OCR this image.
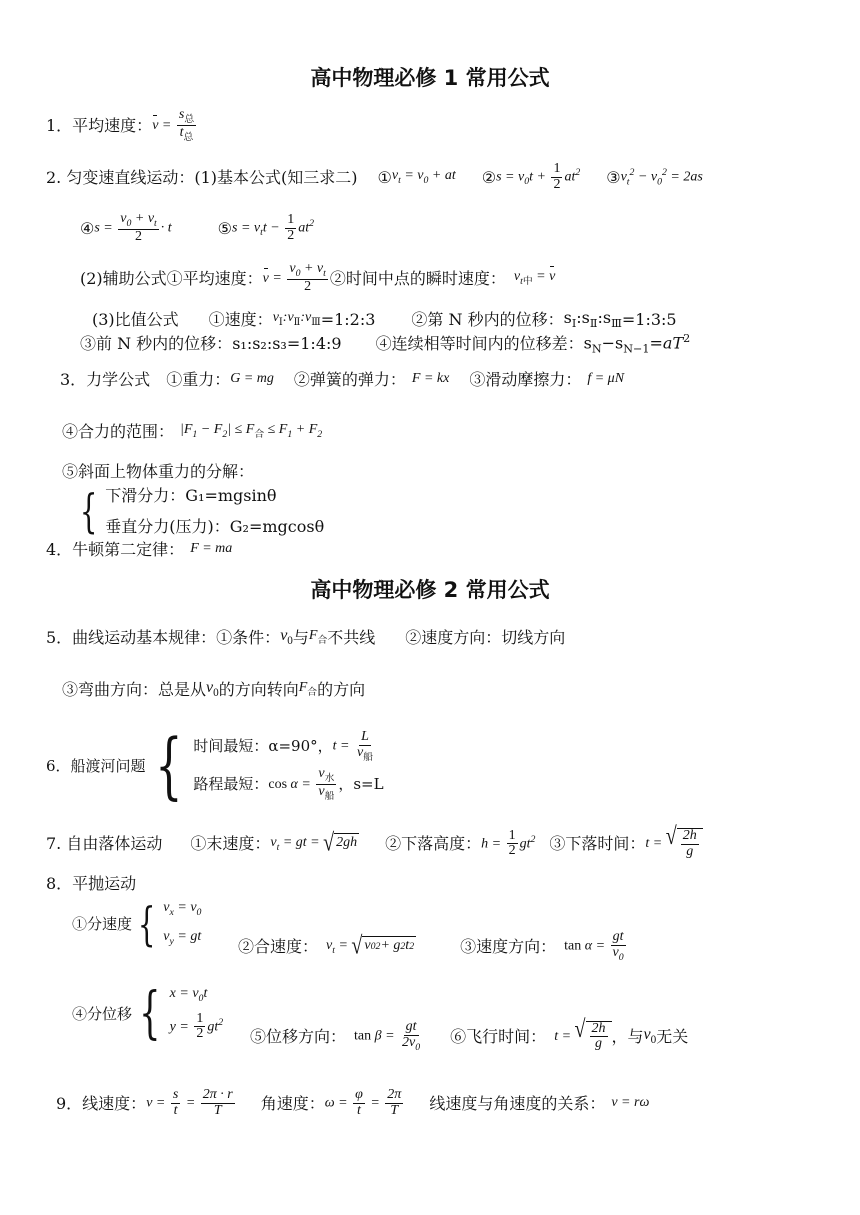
高中物理必修 1 常用公式
1．平均速度： $v = \frac{s_总}{t_总}$
2. 匀变速直线运动：(1)基本公式(知三求二) ① $v_t = v_0$ + at ② $s = v_0t + \frac{1}{2} at^2$ ③ $v_t^2 - v_0^2 = 2as$
④ $s = \frac{v_0 + v_t}{2} \cdot t$	⑤ $s = v_tt - \frac{1}{2} at^2$
(2)辅助公式①平均速度： $v = \frac{v_0 + v_t}{2}$ ②时间中点的瞬时速度： $v_{t中} = v$
(3)比值公式 ①速度： $v_Ⅰ:v_Ⅱ:v_Ⅲ$ =1:2:3 ②第 N 秒内的位移： $s_Ⅰ:s_Ⅱ:s_Ⅲ$ =1:3:5
③前 N 秒内的位移： s₁:s₂:s₃=1:4:9 ④连续相等时间内的位移差： $s_N-s_{N-1}=aT^2$
3．力学公式 ①重力： G = mg ②弹簧的弹力： F = kx ③滑动摩擦力： f = μN
④合力的范围： $|F_1 - F_2| \le F_合 \le F_1 + F_2$
⑤斜面上物体重力的分解：
{ 下滑分力：G₁=mgsinθ
垂直分力(压力)：G₂=mgcosθ
4．牛顿第二定律： F = ma
高中物理必修 2 常用公式
5．曲线运动基本规律：①条件： $v_0$ 与 $F_合$ 不共线 ②速度方向：切线方向
③弯曲方向：总是从 $v_0$ 的方向转向 $F_合$ 的方向
6．船渡河问题 { 时间最短：α=90°， $t = \frac{L}{v_船}$
路程最短： $\cos \alpha = \frac{v_水}{v_船}$ ，s=L
7. 自由落体运动 ①末速度： $v_t$ = gt = √ 2gh ②下落高度： $h = \frac{1}{2} gt^2$ ③下落时间： t = √ $\frac{2h}{g}$
8．平抛运动
①分速度 { $v_x = v_0$
$v_y$ = gt ②合速度： $v_t$ = √ v 0 2 + g 2 t 2	③速度方向： $\tan \alpha = \frac{gt}{v_0}$
④分位移 { $x = v_0t$
$y = \frac{1}{2} gt^2$
⑤位移方向： $\tan \beta = \frac{gt}{2v_0}$ ⑥飞行时间： t = √ $\frac{2h}{g}$ ，与 $v_0$ 无关
9．线速度： $v = \frac{s}{t} = \frac{2\pi \cdot r}{T}$ 角速度： $\omega = \frac{\varphi}{t} = \frac{2\pi}{T}$ 线速度与角速度的关系： v = rω
